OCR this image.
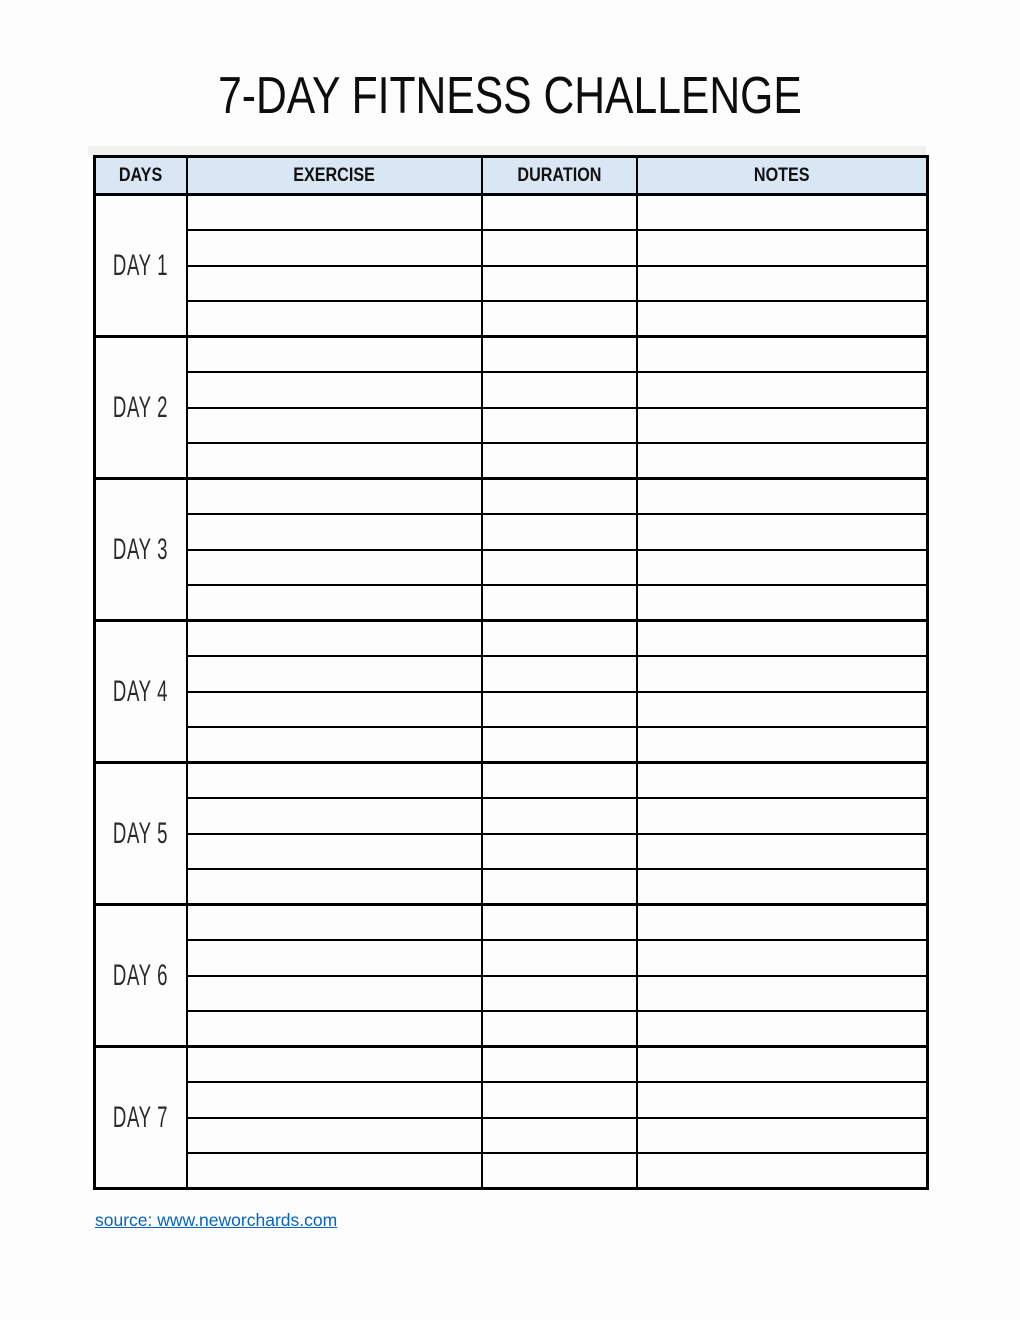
7-DAY FITNESS CHALLENGE
DAYS	EXERCISE	DURATION	NOTES
DAY 1			

DAY 2			

DAY 3			

DAY 4			

DAY 5			

DAY 6			

DAY 7			

source: www.neworchards.com
